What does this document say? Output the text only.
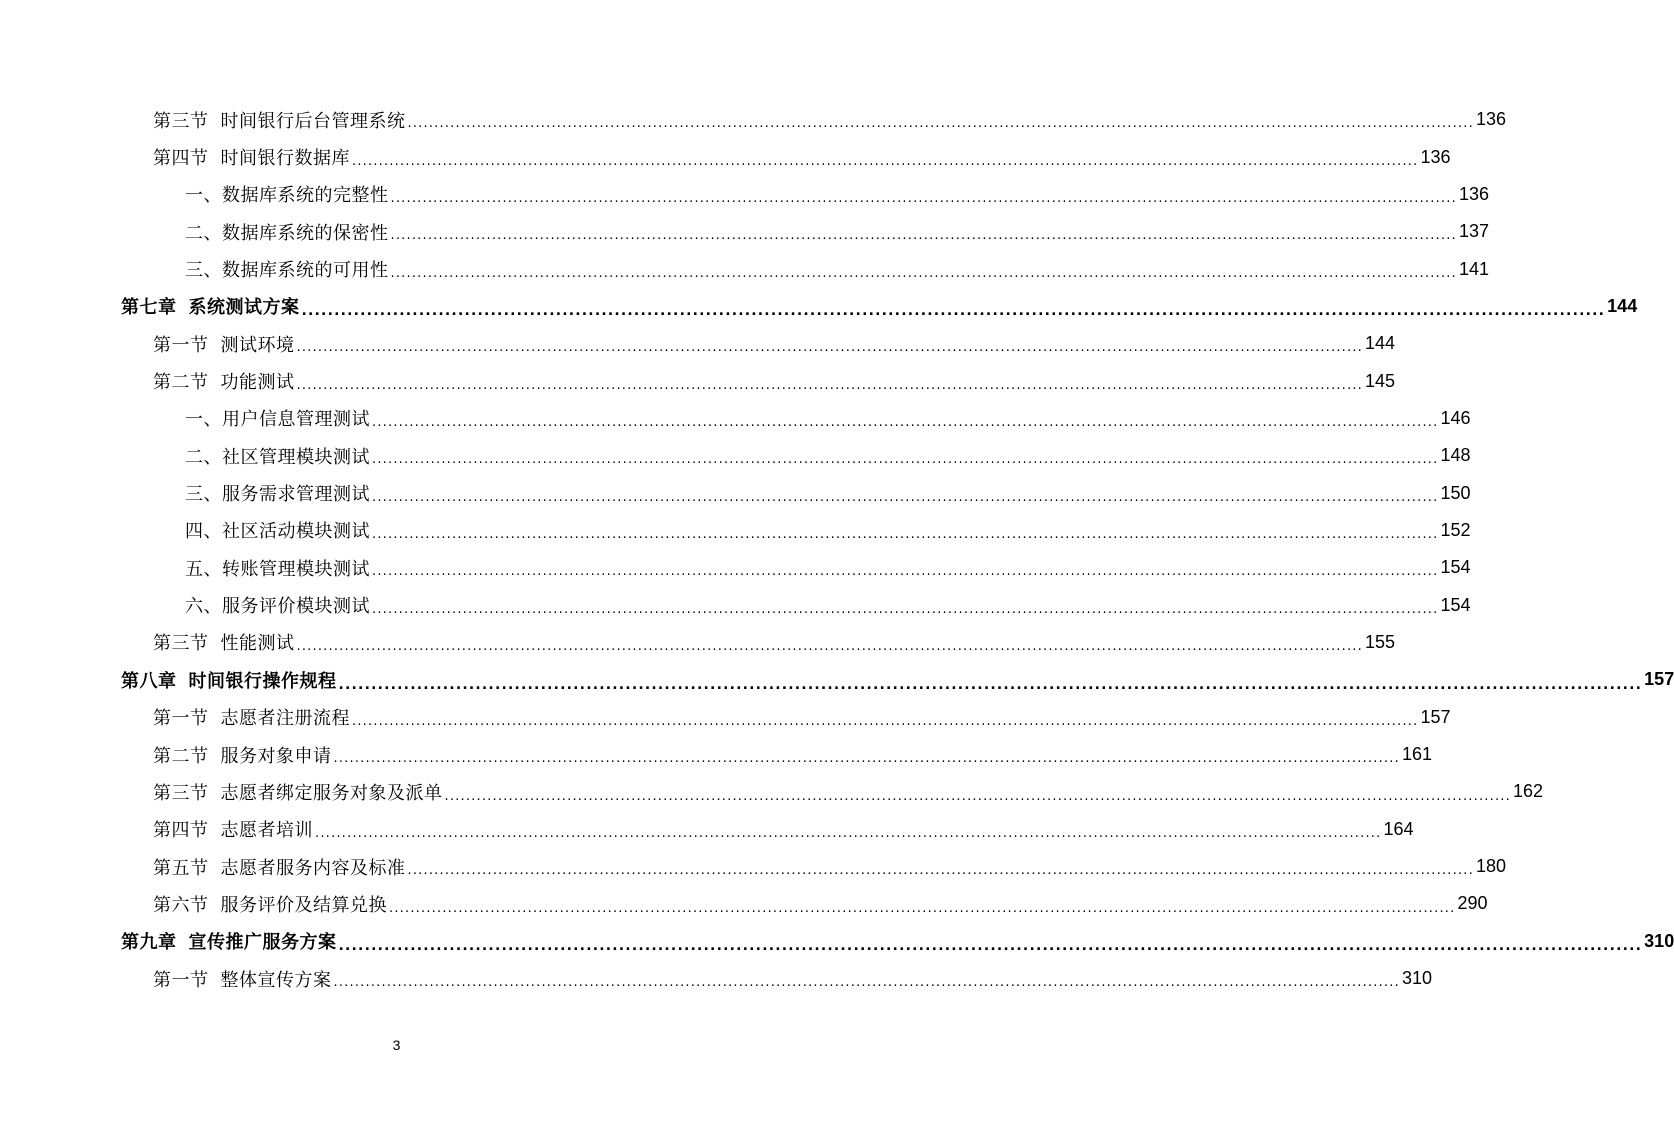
第三节 时间银行后台管理系统 ........................................................................................................................................................................................................ 136
第四节 时间银行数据库 ........................................................................................................................................................................................................ 136
一、 数据库系统的完整性 ........................................................................................................................................................................................................ 136
二、 数据库系统的保密性 ........................................................................................................................................................................................................ 137
三、 数据库系统的可用性 ........................................................................................................................................................................................................ 141
第七章 系统测试方案 ........................................................................................................................................................................................................ 144
第一节 测试环境 ........................................................................................................................................................................................................ 144
第二节 功能测试 ........................................................................................................................................................................................................ 145
一、 用户信息管理测试 ........................................................................................................................................................................................................ 146
二、 社区管理模块测试 ........................................................................................................................................................................................................ 148
三、 服务需求管理测试 ........................................................................................................................................................................................................ 150
四、 社区活动模块测试 ........................................................................................................................................................................................................ 152
五、 转账管理模块测试 ........................................................................................................................................................................................................ 154
六、 服务评价模块测试 ........................................................................................................................................................................................................ 154
第三节 性能测试 ........................................................................................................................................................................................................ 155
第八章 时间银行操作规程 ........................................................................................................................................................................................................ 157
第一节 志愿者注册流程 ........................................................................................................................................................................................................ 157
第二节 服务对象申请 ........................................................................................................................................................................................................ 161
第三节 志愿者绑定服务对象及派单 ........................................................................................................................................................................................................ 162
第四节 志愿者培训 ........................................................................................................................................................................................................ 164
第五节 志愿者服务内容及标准 ........................................................................................................................................................................................................ 180
第六节 服务评价及结算兑换 ........................................................................................................................................................................................................ 290
第九章 宣传推广服务方案 ........................................................................................................................................................................................................ 310
第一节 整体宣传方案 ........................................................................................................................................................................................................ 310
3
